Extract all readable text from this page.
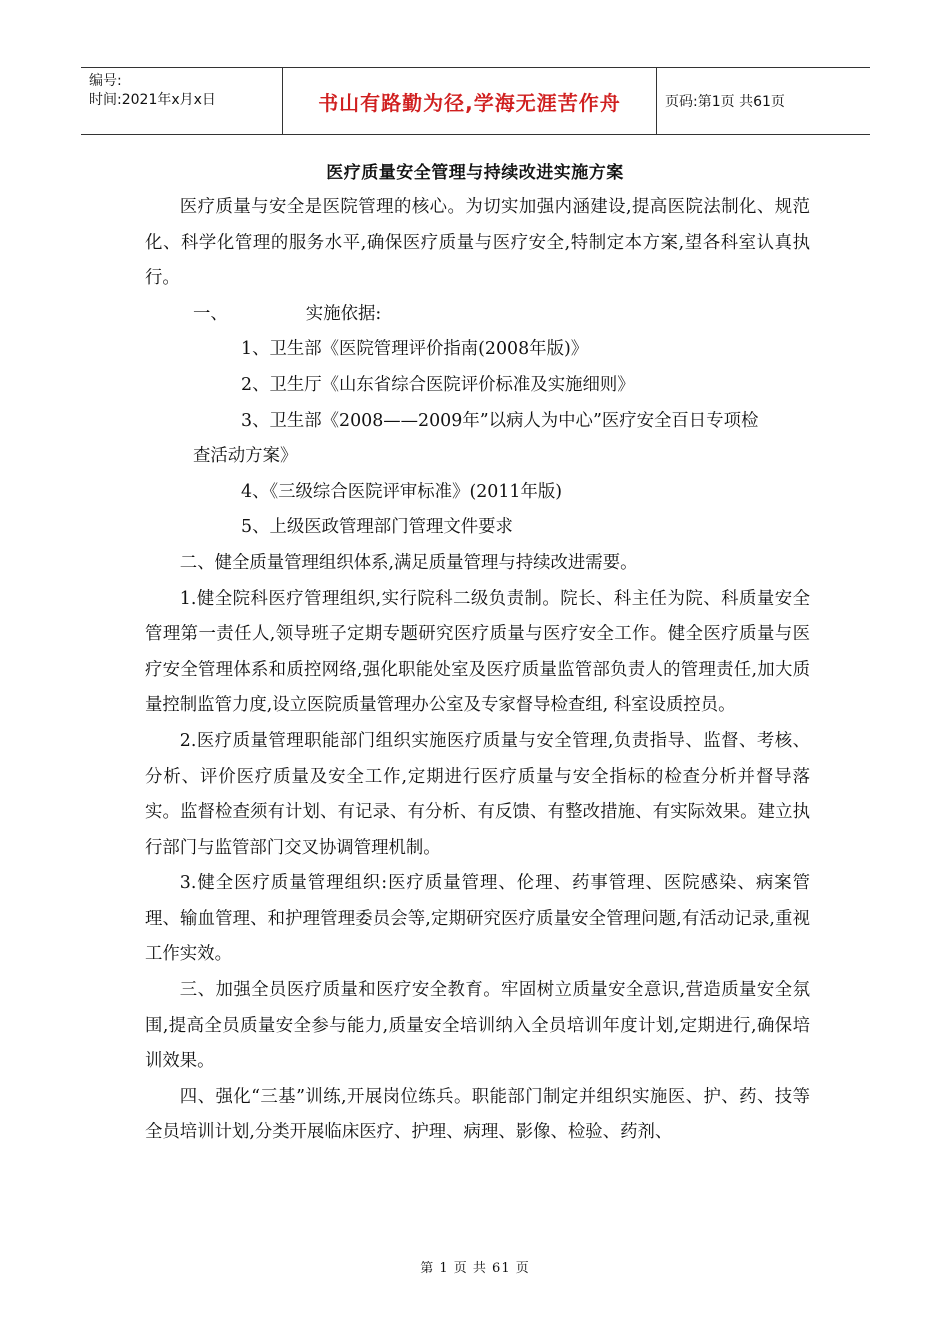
编号:
时间:2021年x月x日	书山有路勤为径,学海无涯苦作舟	页码:第1页 共61页
医疗质量安全管理与持续改进实施方案

医疗质量与安全是医院管理的核心。为切实加强内涵建设,提高医院法制化、规范化、科学化管理的服务水平,确保医疗质量与医疗安全,特制定本方案,望各科室认真执行。

一、	实施依据:

1、卫生部《医院管理评价指南(2008年版)》

2、卫生厅《山东省综合医院评价标准及实施细则》

3、卫生部《2008——2009年”以病人为中心”医疗安全百日专项检

查活动方案》

4、《三级综合医院评审标准》(2011年版)

5、上级医政管理部门管理文件要求

二、健全质量管理组织体系,满足质量管理与持续改进需要。

1.健全院科医疗管理组织,实行院科二级负责制。院长、科主任为院、科质量安全管理第一责任人,领导班子定期专题研究医疗质量与医疗安全工作。健全医疗质量与医疗安全管理体系和质控网络,强化职能处室及医疗质量监管部负责人的管理责任,加大质量控制监管力度,设立医院质量管理办公室及专家督导检查组, 科室设质控员。

2.医疗质量管理职能部门组织实施医疗质量与安全管理,负责指导、监督、考核、分析、评价医疗质量及安全工作,定期进行医疗质量与安全指标的检查分析并督导落实。监督检查须有计划、有记录、有分析、有反馈、有整改措施、有实际效果。建立执行部门与监管部门交叉协调管理机制。

3.健全医疗质量管理组织:医疗质量管理、伦理、药事管理、医院感染、病案管理、输血管理、和护理管理委员会等,定期研究医疗质量安全管理问题,有活动记录,重视工作实效。

三、加强全员医疗质量和医疗安全教育。牢固树立质量安全意识,营造质量安全氛围,提高全员质量安全参与能力,质量安全培训纳入全员培训年度计划,定期进行,确保培训效果。

四、强化“三基”训练,开展岗位练兵。职能部门制定并组织实施医、护、药、技等全员培训计划,分类开展临床医疗、护理、病理、影像、检验、药剂、

第 1 页 共 61 页
